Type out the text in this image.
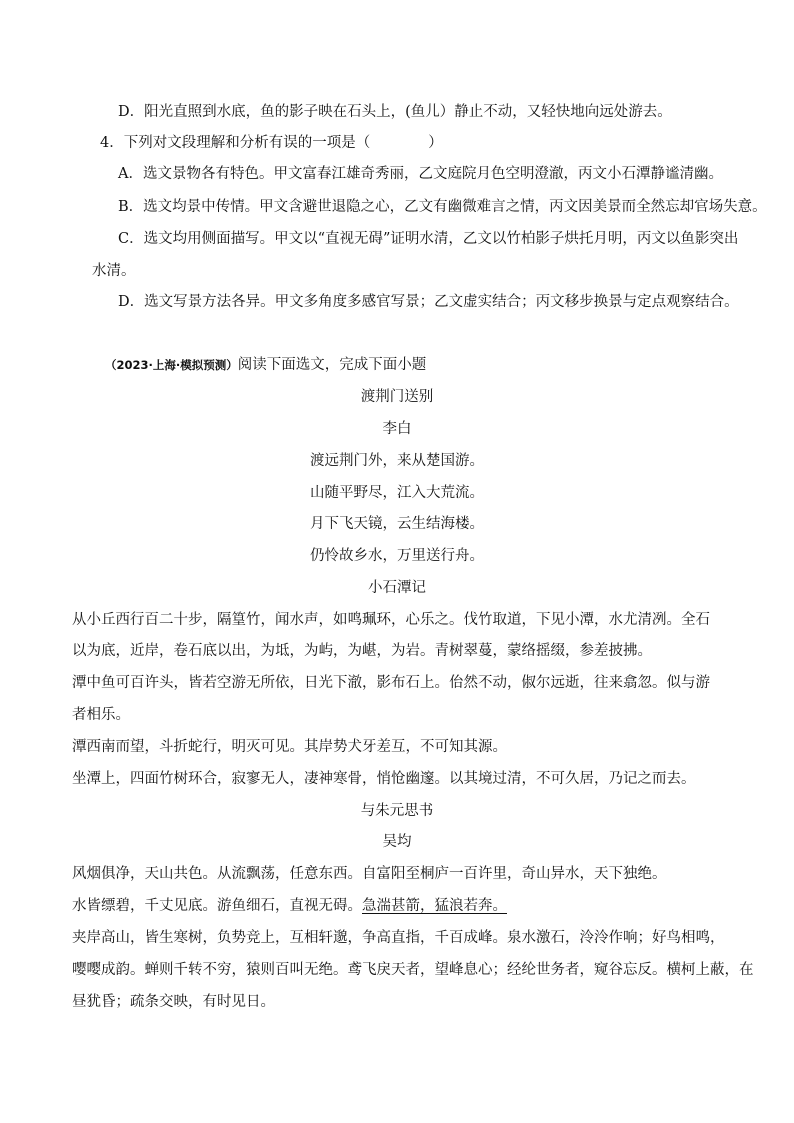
D．阳光直照到水底，鱼的影子映在石头上，(鱼儿）静止不动，又轻快地向远处游去。
4．下列对文段理解和分析有误的一项是（	）
A．选文景物各有特色。甲文富春江雄奇秀丽，乙文庭院月色空明澄澈，丙文小石潭静谧清幽。
B．选文均景中传情。甲文含避世退隐之心，乙文有幽微难言之情，丙文因美景而全然忘却官场失意。
C．选文均用侧面描写。甲文以“直视无碍”证明水清，乙文以竹柏影子烘托月明，丙文以鱼影突出
水清。
D．选文写景方法各异。甲文多角度多感官写景；乙文虚实结合；丙文移步换景与定点观察结合。
（2023·上海·模拟预测）阅读下面选文，完成下面小题
渡荆门送别
李白
渡远荆门外，来从楚国游。
山随平野尽，江入大荒流。
月下飞天镜，云生结海楼。
仍怜故乡水，万里送行舟。
小石潭记
从小丘西行百二十步，隔篁竹，闻水声，如鸣珮环，心乐之。伐竹取道，下见小潭，水尤清冽。全石
以为底，近岸，卷石底以出，为坻，为屿，为嵁，为岩。青树翠蔓，蒙络摇缀，参差披拂。
潭中鱼可百许头，皆若空游无所依，日光下澈，影布石上。佁然不动，俶尔远逝，往来翕忽。似与游
者相乐。
潭西南而望，斗折蛇行，明灭可见。其岸势犬牙差互，不可知其源。
坐潭上，四面竹树环合，寂寥无人，凄神寒骨，悄怆幽邃。以其境过清，不可久居，乃记之而去。
与朱元思书
吴均
风烟俱净，天山共色。从流飘荡，任意东西。自富阳至桐庐一百许里，奇山异水，天下独绝。
水皆缥碧，千丈见底。游鱼细石，直视无碍。急湍甚箭，猛浪若奔。
夹岸高山，皆生寒树，负势竞上，互相轩邈，争高直指，千百成峰。泉水激石，泠泠作响；好鸟相鸣，
嘤嘤成韵。蝉则千转不穷，猿则百叫无绝。鸢飞戾天者，望峰息心；经纶世务者，窥谷忘反。横柯上蔽，在
昼犹昏；疏条交映，有时见日。
